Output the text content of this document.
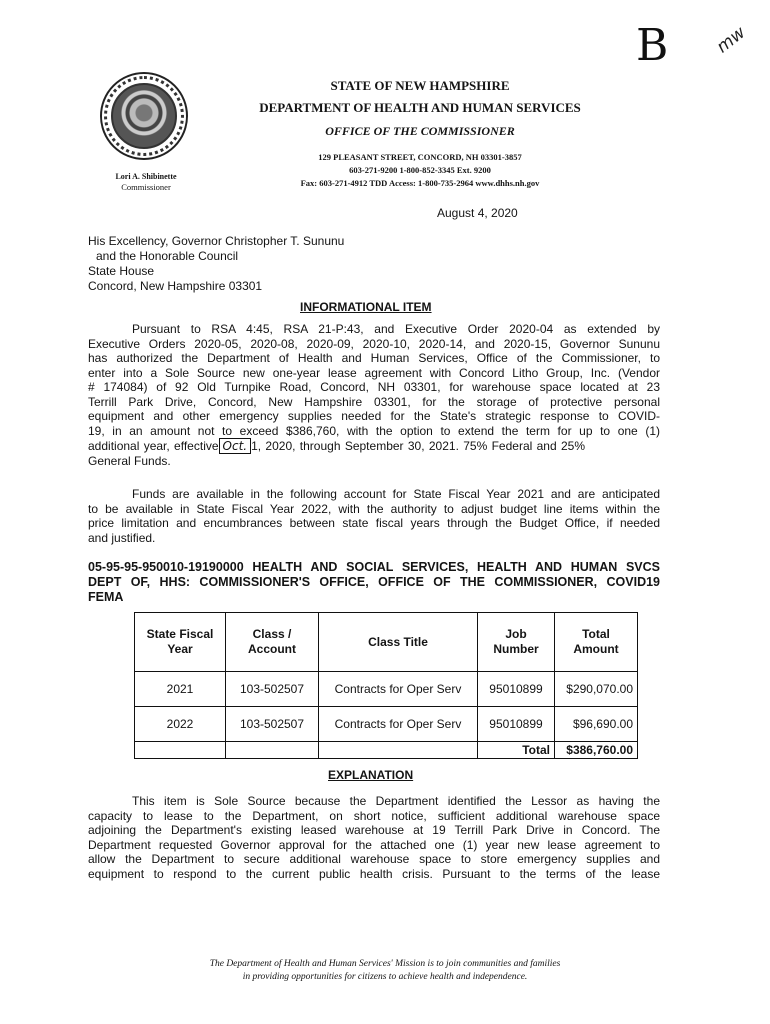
B	mw
Lori A. Shibinette
Commissioner
STATE OF NEW HAMPSHIRE
DEPARTMENT OF HEALTH AND HUMAN SERVICES
OFFICE OF THE COMMISSIONER
129 PLEASANT STREET, CONCORD, NH 03301-3857
603-271-9200 1-800-852-3345 Ext. 9200
Fax: 603-271-4912 TDD Access: 1-800-735-2964 www.dhhs.nh.gov
August 4, 2020
His Excellency, Governor Christopher T. Sununu
and the Honorable Council
State House
Concord, New Hampshire 03301
INFORMATIONAL ITEM
Pursuant to RSA 4:45, RSA 21-P:43, and Executive Order 2020-04 as extended by
Executive Orders 2020-05, 2020-08, 2020-09, 2020-10, 2020-14, and 2020-15, Governor Sununu
has authorized the Department of Health and Human Services, Office of the Commissioner, to
enter into a Sole Source new one-year lease agreement with Concord Litho Group, Inc. (Vendor
# 174084) of 92 Old Turnpike Road, Concord, NH 03301, for warehouse space located at 23
Terrill Park Drive, Concord, New Hampshire 03301, for the storage of protective personal
equipment and other emergency supplies needed for the State's strategic response to COVID-
19, in an amount not to exceed $386,760, with the option to extend the term for up to one (1)
additional year, effective Oct. 1, 2020, through September 30, 2021. 75% Federal and 25%
General Funds.
Funds are available in the following account for State Fiscal Year 2021 and are anticipated
to be available in State Fiscal Year 2022, with the authority to adjust budget line items within the
price limitation and encumbrances between state fiscal years through the Budget Office, if needed
and justified.
05-95-95-950010-19190000 HEALTH AND SOCIAL SERVICES, HEALTH AND HUMAN SVCS
DEPT OF, HHS: COMMISSIONER'S OFFICE, OFFICE OF THE COMMISSIONER, COVID19
FEMA
State Fiscal Year	Class / Account	Class Title	Job Number	Total Amount
2021	103-502507	Contracts for Oper Serv	95010899	$290,070.00
2022	103-502507	Contracts for Oper Serv	95010899	$96,690.00
			Total	$386,760.00
EXPLANATION
This item is Sole Source because the Department identified the Lessor as having the
capacity to lease to the Department, on short notice, sufficient additional warehouse space
adjoining the Department's existing leased warehouse at 19 Terrill Park Drive in Concord. The
Department requested Governor approval for the attached one (1) year new lease agreement to
allow the Department to secure additional warehouse space to store emergency supplies and
equipment to respond to the current public health crisis. Pursuant to the terms of the lease
The Department of Health and Human Services' Mission is to join communities and families
in providing opportunities for citizens to achieve health and independence.
